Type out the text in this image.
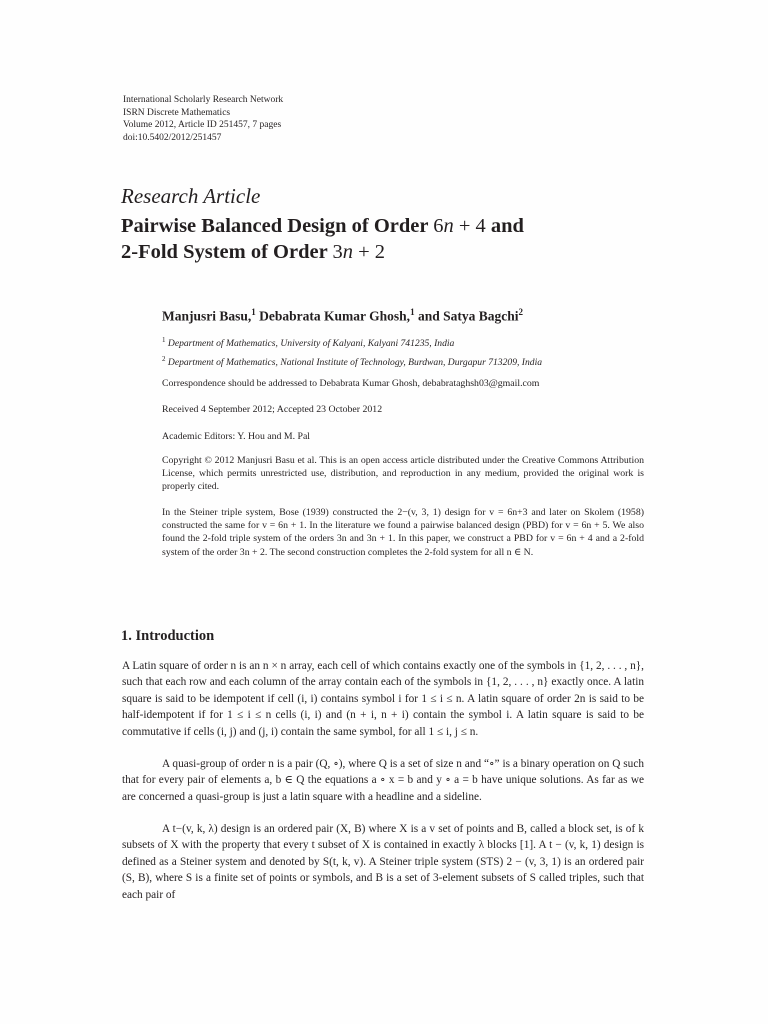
International Scholarly Research Network
ISRN Discrete Mathematics
Volume 2012, Article ID 251457, 7 pages
doi:10.5402/2012/251457
Research Article
Pairwise Balanced Design of Order 6n + 4 and
2-Fold System of Order 3n + 2
Manjusri Basu,$^1$ Debabrata Kumar Ghosh,$^1$ and Satya Bagchi$^2$
$^1$ Department of Mathematics, University of Kalyani, Kalyani 741235, India
$^2$ Department of Mathematics, National Institute of Technology, Burdwan, Durgapur 713209, India
Correspondence should be addressed to Debabrata Kumar Ghosh, debabrataghsh03@gmail.com
Received 4 September 2012; Accepted 23 October 2012
Academic Editors: Y. Hou and M. Pal
Copyright © 2012 Manjusri Basu et al. This is an open access article distributed under the Creative Commons Attribution License, which permits unrestricted use, distribution, and reproduction in any medium, provided the original work is properly cited.
In the Steiner triple system, Bose (1939) constructed the 2−(v, 3, 1) design for v = 6n+3 and later on Skolem (1958) constructed the same for v = 6n + 1. In the literature we found a pairwise balanced design (PBD) for v = 6n + 5. We also found the 2-fold triple system of the orders 3n and 3n + 1. In this paper, we construct a PBD for v = 6n + 4 and a 2-fold system of the order 3n + 2. The second construction completes the 2-fold system for all n ∈ N.
1. Introduction
A Latin square of order n is an n × n array, each cell of which contains exactly one of the symbols in {1, 2, . . . , n}, such that each row and each column of the array contain each of the symbols in {1, 2, . . . , n} exactly once. A latin square is said to be idempotent if cell (i, i) contains symbol i for 1 ≤ i ≤ n. A latin square of order 2n is said to be half-idempotent if for 1 ≤ i ≤ n cells (i, i) and (n + i, n + i) contain the symbol i. A latin square is said to be commutative if cells (i, j) and (j, i) contain the same symbol, for all 1 ≤ i, j ≤ n.
A quasi-group of order n is a pair (Q, ∘), where Q is a set of size n and “∘” is a binary operation on Q such that for every pair of elements a, b ∈ Q the equations a ∘ x = b and y ∘ a = b have unique solutions. As far as we are concerned a quasi-group is just a latin square with a headline and a sideline.
A t−(v, k, λ) design is an ordered pair (X, B) where X is a v set of points and B, called a block set, is of k subsets of X with the property that every t subset of X is contained in exactly λ blocks [1]. A t − (v, k, 1) design is defined as a Steiner system and denoted by S(t, k, v). A Steiner triple system (STS) 2 − (v, 3, 1) is an ordered pair (S, B), where S is a finite set of points or symbols, and B is a set of 3-element subsets of S called triples, such that each pair of
